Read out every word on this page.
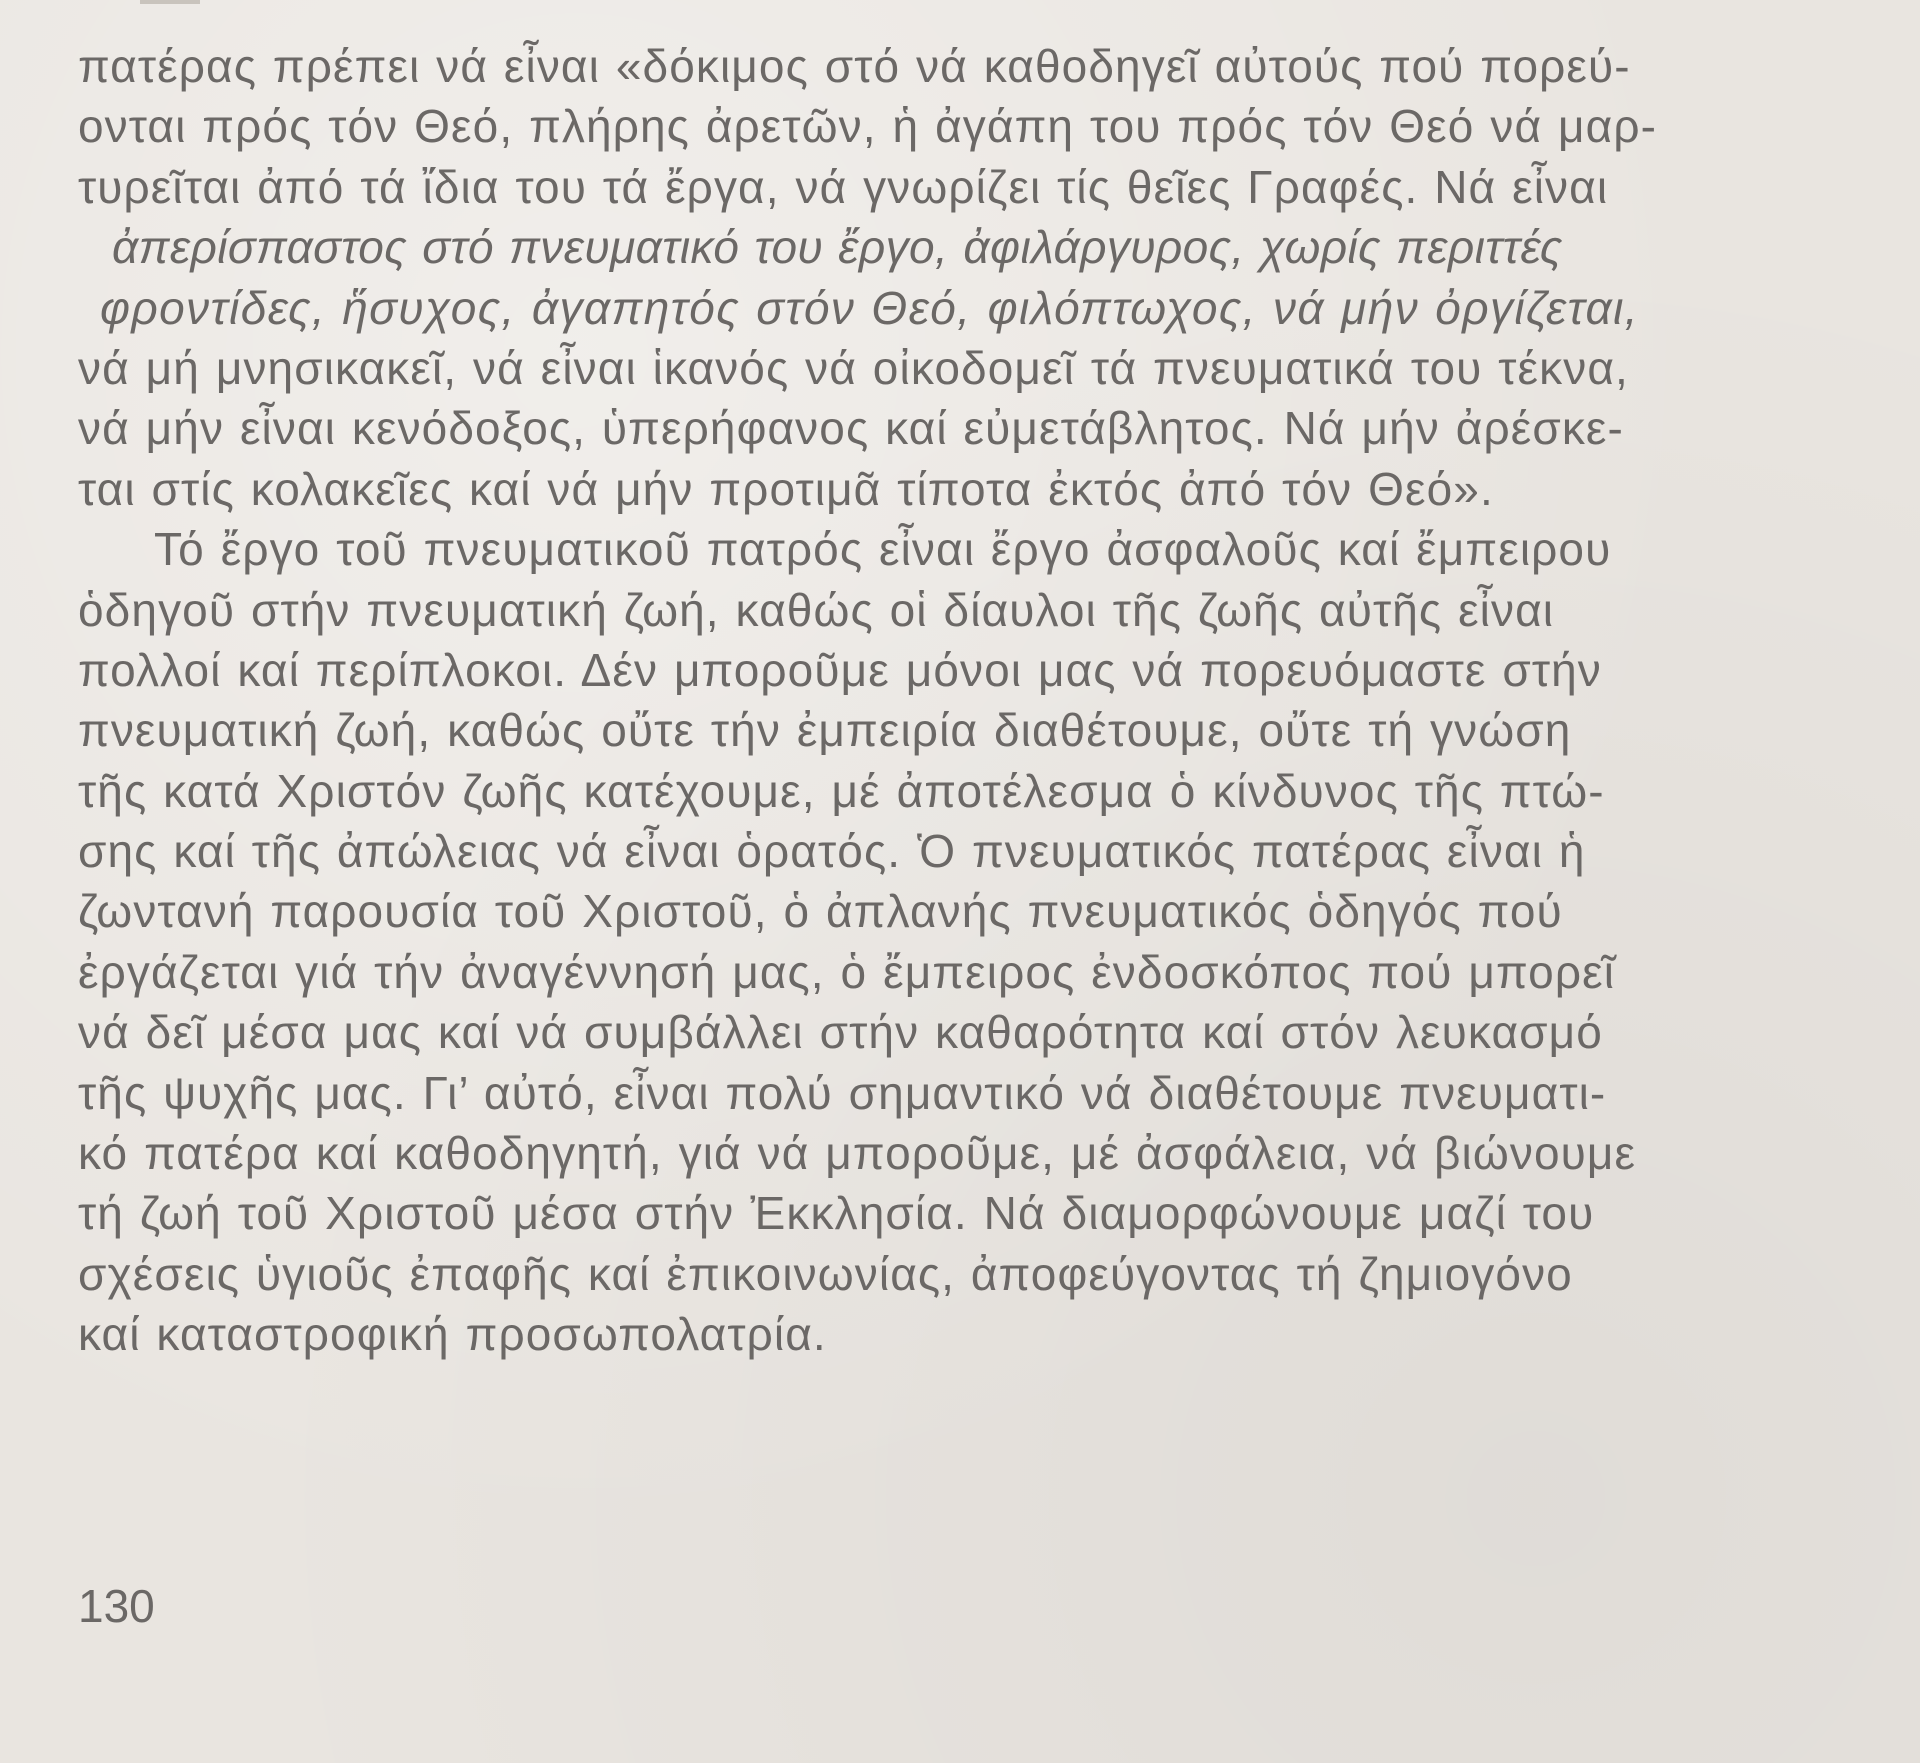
πατέρας πρέπει νά εἶναι «δόκιμος στό νά καθοδηγεῖ αὐτούς πού πορεύ-
ονται πρός τόν Θεό, πλήρης ἀρετῶν, ἡ ἀγάπη του πρός τόν Θεό νά μαρ-
τυρεῖται ἀπό τά ἴδια του τά ἔργα, νά γνωρίζει τίς θεῖες Γραφές. Νά εἶναι
ἀπερίσπαστος στό πνευματικό του ἔργο, ἀφιλάργυρος, χωρίς περιττές
φροντίδες, ἥσυχος, ἀγαπητός στόν Θεό, φιλόπτωχος, νά μήν ὀργίζεται,
νά μή μνησικακεῖ, νά εἶναι ἱκανός νά οἰκοδομεῖ τά πνευματικά του τέκνα,
νά μήν εἶναι κενόδοξος, ὑπερήφανος καί εὐμετάβλητος. Νά μήν ἀρέσκε-
ται στίς κολακεῖες καί νά μήν προτιμᾶ τίποτα ἐκτός ἀπό τόν Θεό».
Τό ἔργο τοῦ πνευματικοῦ πατρός εἶναι ἔργο ἀσφαλοῦς καί ἔμπειρου
ὁδηγοῦ στήν πνευματική ζωή, καθώς οἱ δίαυλοι τῆς ζωῆς αὐτῆς εἶναι
πολλοί καί περίπλοκοι. Δέν μποροῦμε μόνοι μας νά πορευόμαστε στήν
πνευματική ζωή, καθώς οὔτε τήν ἐμπειρία διαθέτουμε, οὔτε τή γνώση
τῆς κατά Χριστόν ζωῆς κατέχουμε, μέ ἀποτέλεσμα ὁ κίνδυνος τῆς πτώ-
σης καί τῆς ἀπώλειας νά εἶναι ὁρατός. Ὁ πνευματικός πατέρας εἶναι ἡ
ζωντανή παρουσία τοῦ Χριστοῦ, ὁ ἀπλανής πνευματικός ὁδηγός πού
ἐργάζεται γιά τήν ἀναγέννησή μας, ὁ ἔμπειρος ἐνδοσκόπος πού μπορεῖ
νά δεῖ μέσα μας καί νά συμβάλλει στήν καθαρότητα καί στόν λευκασμό
τῆς ψυχῆς μας. Γι’ αὐτό, εἶναι πολύ σημαντικό νά διαθέτουμε πνευματι-
κό πατέρα καί καθοδηγητή, γιά νά μποροῦμε, μέ ἀσφάλεια, νά βιώνουμε
τή ζωή τοῦ Χριστοῦ μέσα στήν Ἐκκλησία. Νά διαμορφώνουμε μαζί του
σχέσεις ὑγιοῦς ἐπαφῆς καί ἐπικοινωνίας, ἀποφεύγοντας τή ζημιογόνο
καί καταστροφική προσωπολατρία.
130
